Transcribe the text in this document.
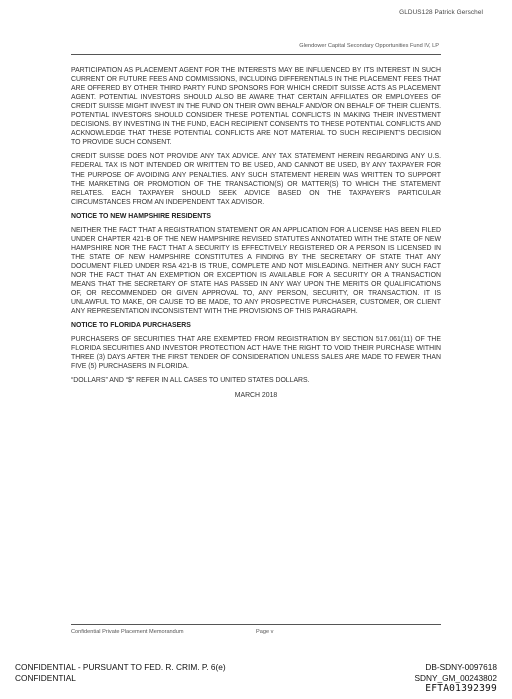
GLDUS128 Patrick Gerschel
Glendower Capital Secondary Opportunities Fund IV, LP

PARTICIPATION AS PLACEMENT AGENT FOR THE INTERESTS MAY BE INFLUENCED BY ITS INTEREST IN SUCH CURRENT OR FUTURE FEES AND COMMISSIONS, INCLUDING DIFFERENTIALS IN THE PLACEMENT FEES THAT ARE OFFERED BY OTHER THIRD PARTY FUND SPONSORS FOR WHICH CREDIT SUISSE ACTS AS PLACEMENT AGENT. POTENTIAL INVESTORS SHOULD ALSO BE AWARE THAT CERTAIN AFFILIATES OR EMPLOYEES OF CREDIT SUISSE MIGHT INVEST IN THE FUND ON THEIR OWN BEHALF AND/OR ON BEHALF OF THEIR CLIENTS. POTENTIAL INVESTORS SHOULD CONSIDER THESE POTENTIAL CONFLICTS IN MAKING THEIR INVESTMENT DECISIONS. BY INVESTING IN THE FUND, EACH RECIPIENT CONSENTS TO THESE POTENTIAL CONFLICTS AND ACKNOWLEDGE THAT THESE POTENTIAL CONFLICTS ARE NOT MATERIAL TO SUCH RECIPIENT'S DECISION TO PROVIDE SUCH CONSENT.

CREDIT SUISSE DOES NOT PROVIDE ANY TAX ADVICE. ANY TAX STATEMENT HEREIN REGARDING ANY U.S. FEDERAL TAX IS NOT INTENDED OR WRITTEN TO BE USED, AND CANNOT BE USED, BY ANY TAXPAYER FOR THE PURPOSE OF AVOIDING ANY PENALTIES. ANY SUCH STATEMENT HEREIN WAS WRITTEN TO SUPPORT THE MARKETING OR PROMOTION OF THE TRANSACTION(S) OR MATTER(S) TO WHICH THE STATEMENT RELATES. EACH TAXPAYER SHOULD SEEK ADVICE BASED ON THE TAXPAYER'S PARTICULAR CIRCUMSTANCES FROM AN INDEPENDENT TAX ADVISOR.

NOTICE TO NEW HAMPSHIRE RESIDENTS

NEITHER THE FACT THAT A REGISTRATION STATEMENT OR AN APPLICATION FOR A LICENSE HAS BEEN FILED UNDER CHAPTER 421-B OF THE NEW HAMPSHIRE REVISED STATUTES ANNOTATED WITH THE STATE OF NEW HAMPSHIRE NOR THE FACT THAT A SECURITY IS EFFECTIVELY REGISTERED OR A PERSON IS LICENSED IN THE STATE OF NEW HAMPSHIRE CONSTITUTES A FINDING BY THE SECRETARY OF STATE THAT ANY DOCUMENT FILED UNDER RSA 421-B IS TRUE, COMPLETE AND NOT MISLEADING. NEITHER ANY SUCH FACT NOR THE FACT THAT AN EXEMPTION OR EXCEPTION IS AVAILABLE FOR A SECURITY OR A TRANSACTION MEANS THAT THE SECRETARY OF STATE HAS PASSED IN ANY WAY UPON THE MERITS OR QUALIFICATIONS OF, OR RECOMMENDED OR GIVEN APPROVAL TO, ANY PERSON, SECURITY, OR TRANSACTION. IT IS UNLAWFUL TO MAKE, OR CAUSE TO BE MADE, TO ANY PROSPECTIVE PURCHASER, CUSTOMER, OR CLIENT ANY REPRESENTATION INCONSISTENT WITH THE PROVISIONS OF THIS PARAGRAPH.

NOTICE TO FLORIDA PURCHASERS

PURCHASERS OF SECURITIES THAT ARE EXEMPTED FROM REGISTRATION BY SECTION 517.061(11) OF THE FLORIDA SECURITIES AND INVESTOR PROTECTION ACT HAVE THE RIGHT TO VOID THEIR PURCHASE WITHIN THREE (3) DAYS AFTER THE FIRST TENDER OF CONSIDERATION UNLESS SALES ARE MADE TO FEWER THAN FIVE (5) PURCHASERS IN FLORIDA.

“DOLLARS” AND “$” REFER IN ALL CASES TO UNITED STATES DOLLARS.

MARCH 2018

Confidential Private Placement Memorandum	Page v
CONFIDENTIAL - PURSUANT TO FED. R. CRIM. P. 6(e)
CONFIDENTIAL
DB-SDNY-0097618
SDNY_GM_00243802
EFTA01392399
